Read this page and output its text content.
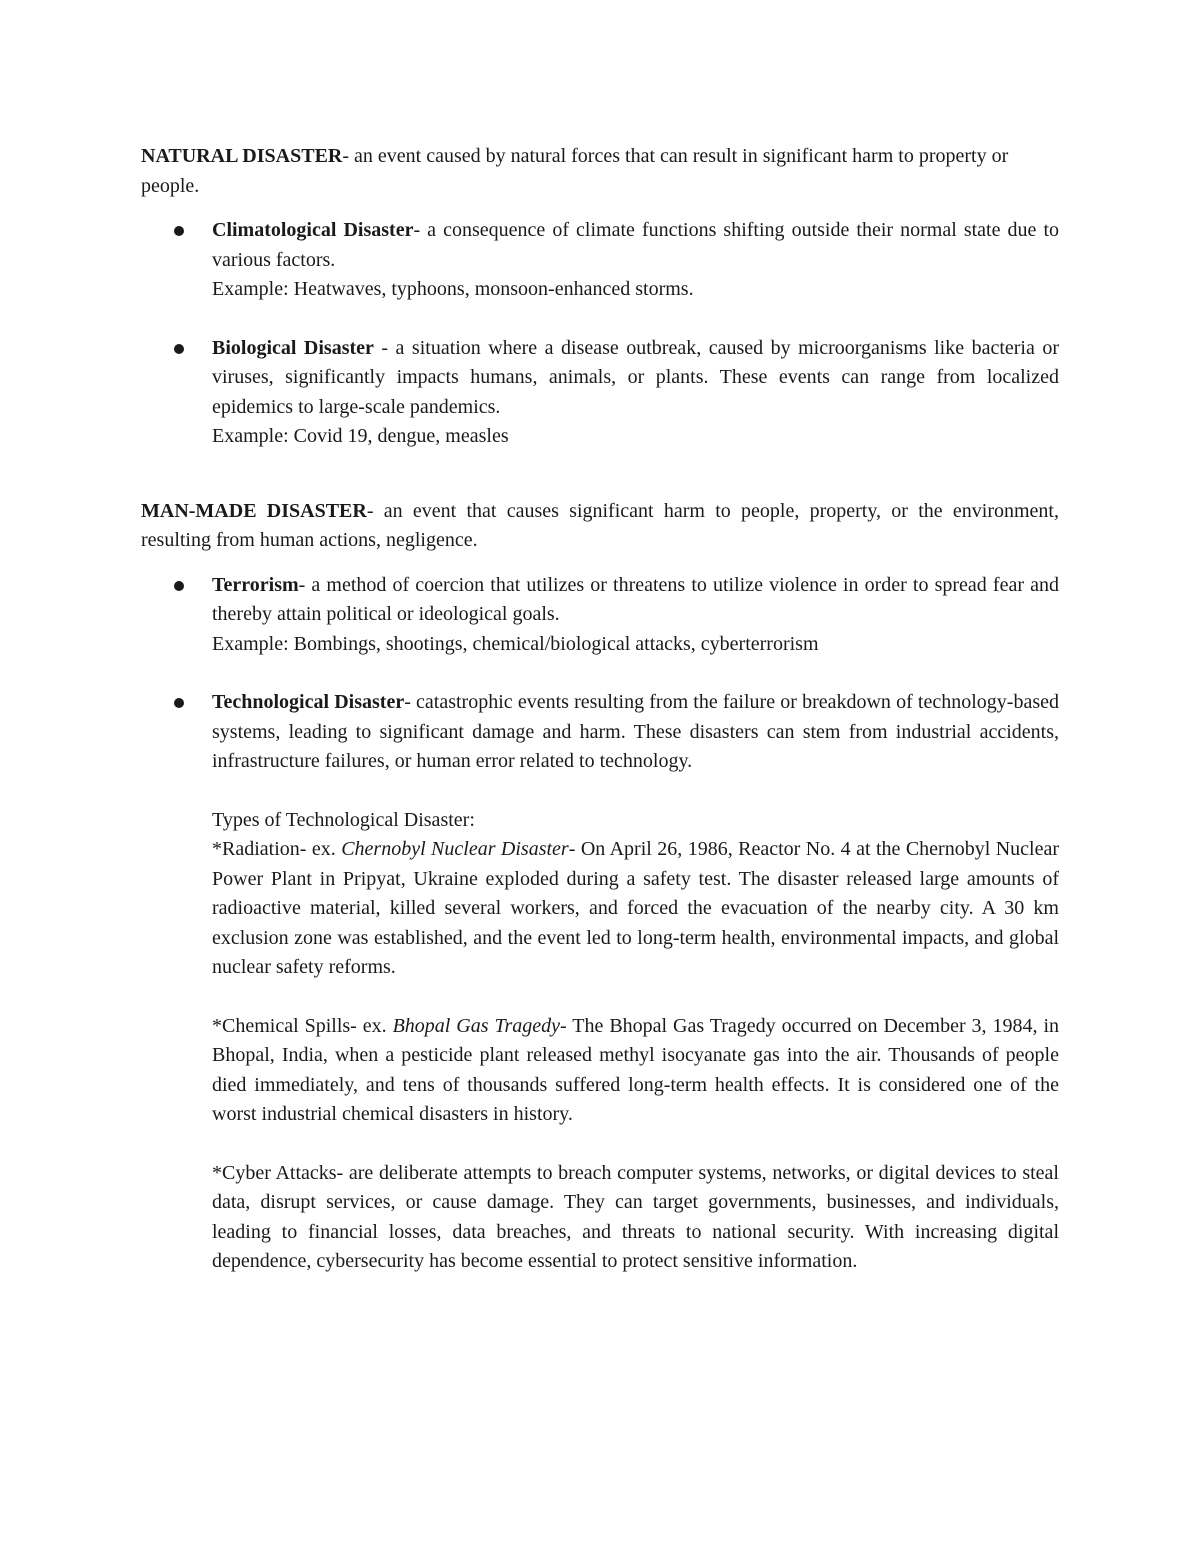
NATURAL DISASTER- an event caused by natural forces that can result in significant harm to property or people.

Climatological Disaster- a consequence of climate functions shifting outside their normal state due to various factors.

Example: Heatwaves, typhoons, monsoon-enhanced storms.

Biological Disaster - a situation where a disease outbreak, caused by microorganisms like bacteria or viruses, significantly impacts humans, animals, or plants. These events can range from localized epidemics to large-scale pandemics.

Example: Covid 19, dengue, measles

MAN-MADE DISASTER- an event that causes significant harm to people, property, or the environment, resulting from human actions, negligence.

Terrorism- a method of coercion that utilizes or threatens to utilize violence in order to spread fear and thereby attain political or ideological goals.

Example: Bombings, shootings, chemical/biological attacks, cyberterrorism

Technological Disaster- catastrophic events resulting from the failure or breakdown of technology-based systems, leading to significant damage and harm. These disasters can stem from industrial accidents, infrastructure failures, or human error related to technology.

Types of Technological Disaster:

*Radiation- ex. Chernobyl Nuclear Disaster- On April 26, 1986, Reactor No. 4 at the Chernobyl Nuclear Power Plant in Pripyat, Ukraine exploded during a safety test. The disaster released large amounts of radioactive material, killed several workers, and forced the evacuation of the nearby city. A 30 km exclusion zone was established, and the event led to long-term health, environmental impacts, and global nuclear safety reforms.

*Chemical Spills- ex. Bhopal Gas Tragedy- The Bhopal Gas Tragedy occurred on December 3, 1984, in Bhopal, India, when a pesticide plant released methyl isocyanate gas into the air. Thousands of people died immediately, and tens of thousands suffered long-term health effects. It is considered one of the worst industrial chemical disasters in history.

*Cyber Attacks- are deliberate attempts to breach computer systems, networks, or digital devices to steal data, disrupt services, or cause damage. They can target governments, businesses, and individuals, leading to financial losses, data breaches, and threats to national security. With increasing digital dependence, cybersecurity has become essential to protect sensitive information.
